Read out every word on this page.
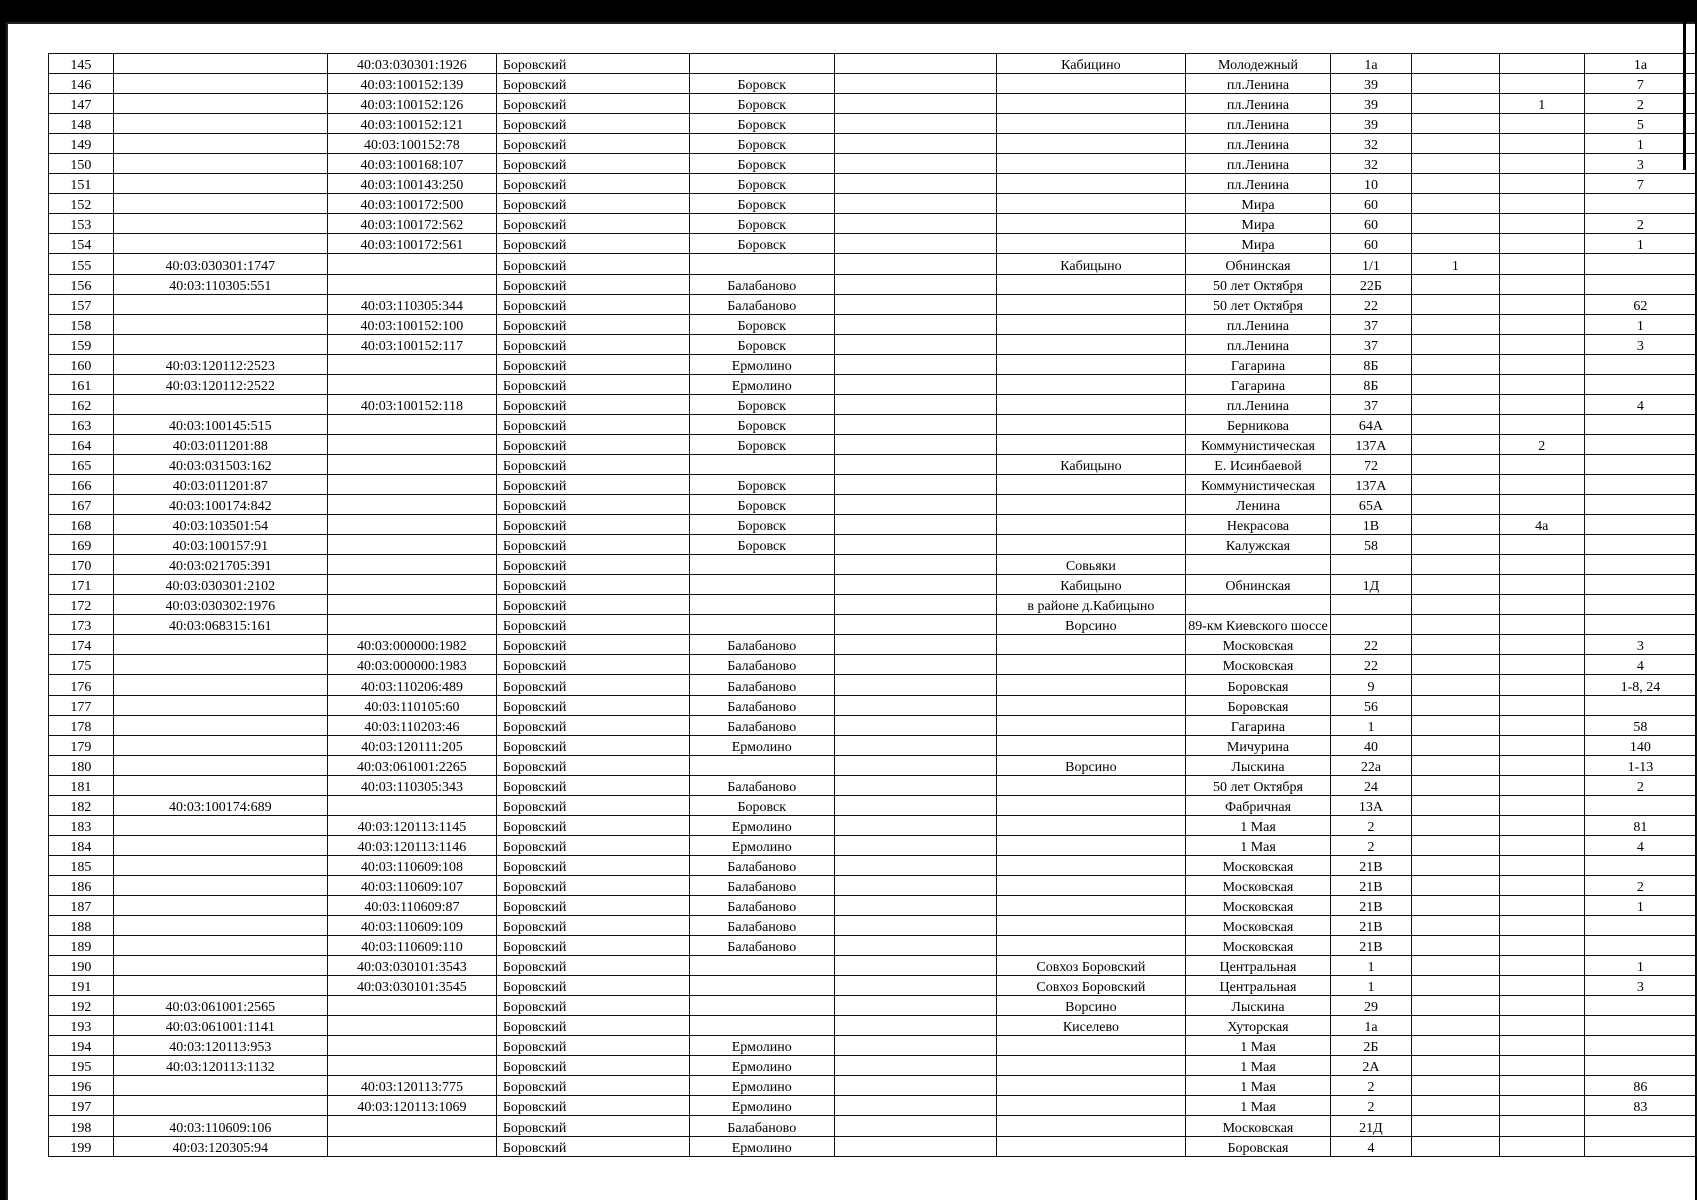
145		40:03:030301:1926	Боровский			Кабицино	Молодежный	1а			1а
146		40:03:100152:139	Боровский	Боровск			пл.Ленина	39			7
147		40:03:100152:126	Боровский	Боровск			пл.Ленина	39		1	2
148		40:03:100152:121	Боровский	Боровск			пл.Ленина	39			5
149		40:03:100152:78	Боровский	Боровск			пл.Ленина	32			1
150		40:03:100168:107	Боровский	Боровск			пл.Ленина	32			3
151		40:03:100143:250	Боровский	Боровск			пл.Ленина	10			7
152		40:03:100172:500	Боровский	Боровск			Мира	60			
153		40:03:100172:562	Боровский	Боровск			Мира	60			2
154		40:03:100172:561	Боровский	Боровск			Мира	60			1
155	40:03:030301:1747		Боровский			Кабицыно	Обнинская	1/1	1		
156	40:03:110305:551		Боровский	Балабаново			50 лет Октября	22Б			
157		40:03:110305:344	Боровский	Балабаново			50 лет Октября	22			62
158		40:03:100152:100	Боровский	Боровск			пл.Ленина	37			1
159		40:03:100152:117	Боровский	Боровск			пл.Ленина	37			3
160	40:03:120112:2523		Боровский	Ермолино			Гагарина	8Б			
161	40:03:120112:2522		Боровский	Ермолино			Гагарина	8Б			
162		40:03:100152:118	Боровский	Боровск			пл.Ленина	37			4
163	40:03:100145:515		Боровский	Боровск			Берникова	64А			
164	40:03:011201:88		Боровский	Боровск			Коммунистическая	137А		2	
165	40:03:031503:162		Боровский			Кабицыно	Е. Исинбаевой	72			
166	40:03:011201:87		Боровский	Боровск			Коммунистическая	137А			
167	40:03:100174:842		Боровский	Боровск			Ленина	65А			
168	40:03:103501:54		Боровский	Боровск			Некрасова	1В		4а	
169	40:03:100157:91		Боровский	Боровск			Калужская	58			
170	40:03:021705:391		Боровский			Совьяки					
171	40:03:030301:2102		Боровский			Кабицыно	Обнинская	1Д			
172	40:03:030302:1976		Боровский			в районе д.Кабицыно					
173	40:03:068315:161		Боровский			Ворсино	89-км Киевского шоссе				
174		40:03:000000:1982	Боровский	Балабаново			Московская	22			3
175		40:03:000000:1983	Боровский	Балабаново			Московская	22			4
176		40:03:110206:489	Боровский	Балабаново			Боровская	9			1-8, 24
177		40:03:110105:60	Боровский	Балабаново			Боровская	56			
178		40:03:110203:46	Боровский	Балабаново			Гагарина	1			58
179		40:03:120111:205	Боровский	Ермолино			Мичурина	40			140
180		40:03:061001:2265	Боровский			Ворсино	Лыскина	22а			1-13
181		40:03:110305:343	Боровский	Балабаново			50 лет Октября	24			2
182	40:03:100174:689		Боровский	Боровск			Фабричная	13А			
183		40:03:120113:1145	Боровский	Ермолино			1 Мая	2			81
184		40:03:120113:1146	Боровский	Ермолино			1 Мая	2			4
185		40:03:110609:108	Боровский	Балабаново			Московская	21В			
186		40:03:110609:107	Боровский	Балабаново			Московская	21В			2
187		40:03:110609:87	Боровский	Балабаново			Московская	21В			1
188		40:03:110609:109	Боровский	Балабаново			Московская	21В			
189		40:03:110609:110	Боровский	Балабаново			Московская	21В			
190		40:03:030101:3543	Боровский			Совхоз Боровский	Центральная	1			1
191		40:03:030101:3545	Боровский			Совхоз Боровский	Центральная	1			3
192	40:03:061001:2565		Боровский			Ворсино	Лыскина	29			
193	40:03:061001:1141		Боровский			Киселево	Хуторская	1а			
194	40:03:120113:953		Боровский	Ермолино			1 Мая	2Б			
195	40:03:120113:1132		Боровский	Ермолино			1 Мая	2А			
196		40:03:120113:775	Боровский	Ермолино			1 Мая	2			86
197		40:03:120113:1069	Боровский	Ермолино			1 Мая	2			83
198	40:03:110609:106		Боровский	Балабаново			Московская	21Д			
199	40:03:120305:94		Боровский	Ермолино			Боровская	4			
